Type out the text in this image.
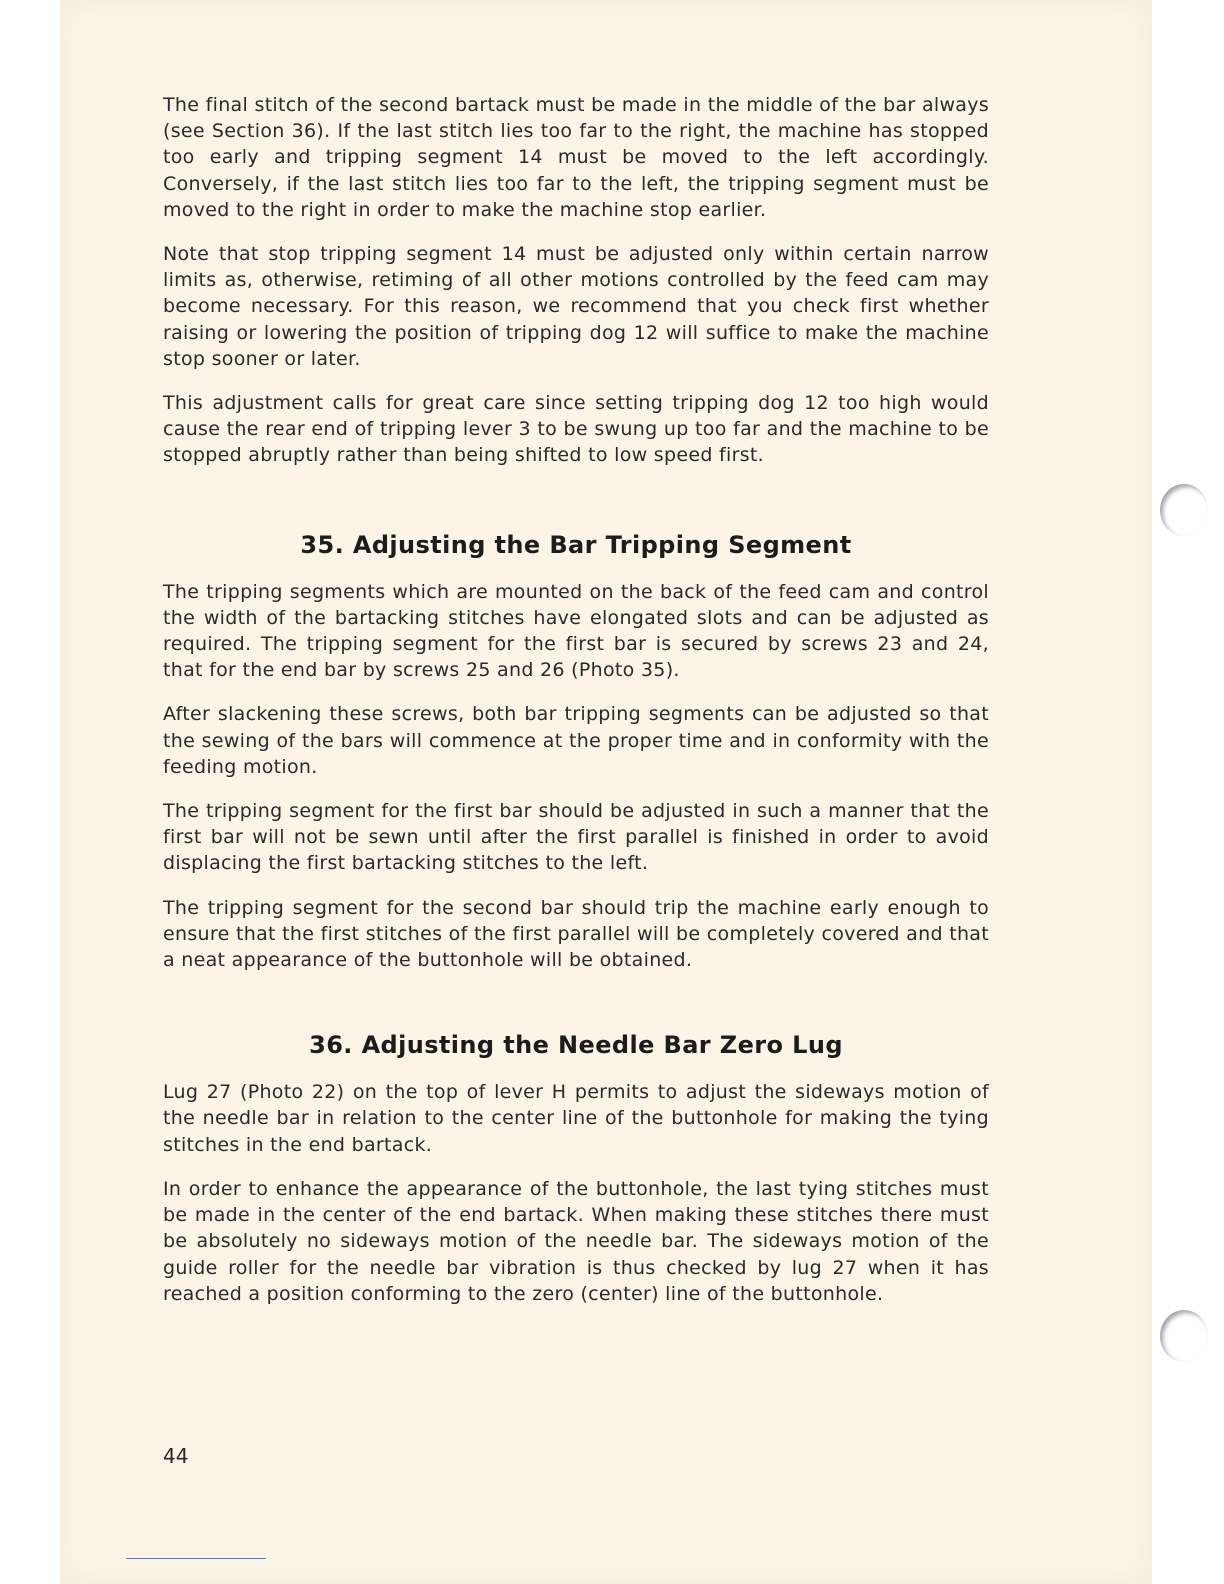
The final stitch of the second bartack must be made in the middle of the bar always (see Section 36). If the last stitch lies too far to the right, the machine has stopped too early and tripping segment 14 must be moved to the left accordingly. Conversely, if the last stitch lies too far to the left, the tripping segment must be moved to the right in order to make the machine stop earlier.

Note that stop tripping segment 14 must be adjusted only within certain narrow limits as, otherwise, retiming of all other motions controlled by the feed cam may become necessary. For this reason, we recommend that you check first whether raising or lowering the position of tripping dog 12 will suffice to make the machine stop sooner or later.

This adjustment calls for great care since setting tripping dog 12 too high would cause the rear end of tripping lever 3 to be swung up too far and the machine to be stopped abruptly rather than being shifted to low speed first.

35. Adjusting the Bar Tripping Segment

The tripping segments which are mounted on the back of the feed cam and control the width of the bartacking stitches have elongated slots and can be adjusted as required. The tripping segment for the first bar is secured by screws 23 and 24, that for the end bar by screws 25 and 26 (Photo 35).

After slackening these screws, both bar tripping segments can be adjusted so that the sewing of the bars will commence at the proper time and in conformity with the feeding motion.

The tripping segment for the first bar should be adjusted in such a manner that the first bar will not be sewn until after the first parallel is finished in order to avoid displacing the first bartacking stitches to the left.

The tripping segment for the second bar should trip the machine early enough to ensure that the first stitches of the first parallel will be completely covered and that a neat appearance of the buttonhole will be obtained.

36. Adjusting the Needle Bar Zero Lug

Lug 27 (Photo 22) on the top of lever H permits to adjust the sideways motion of the needle bar in relation to the center line of the buttonhole for making the tying stitches in the end bartack.

In order to enhance the appearance of the buttonhole, the last tying stitches must be made in the center of the end bartack. When making these stitches there must be absolutely no sideways motion of the needle bar. The sideways motion of the guide roller for the needle bar vibration is thus checked by lug 27 when it has reached a position conforming to the zero (center) line of the buttonhole.

44
